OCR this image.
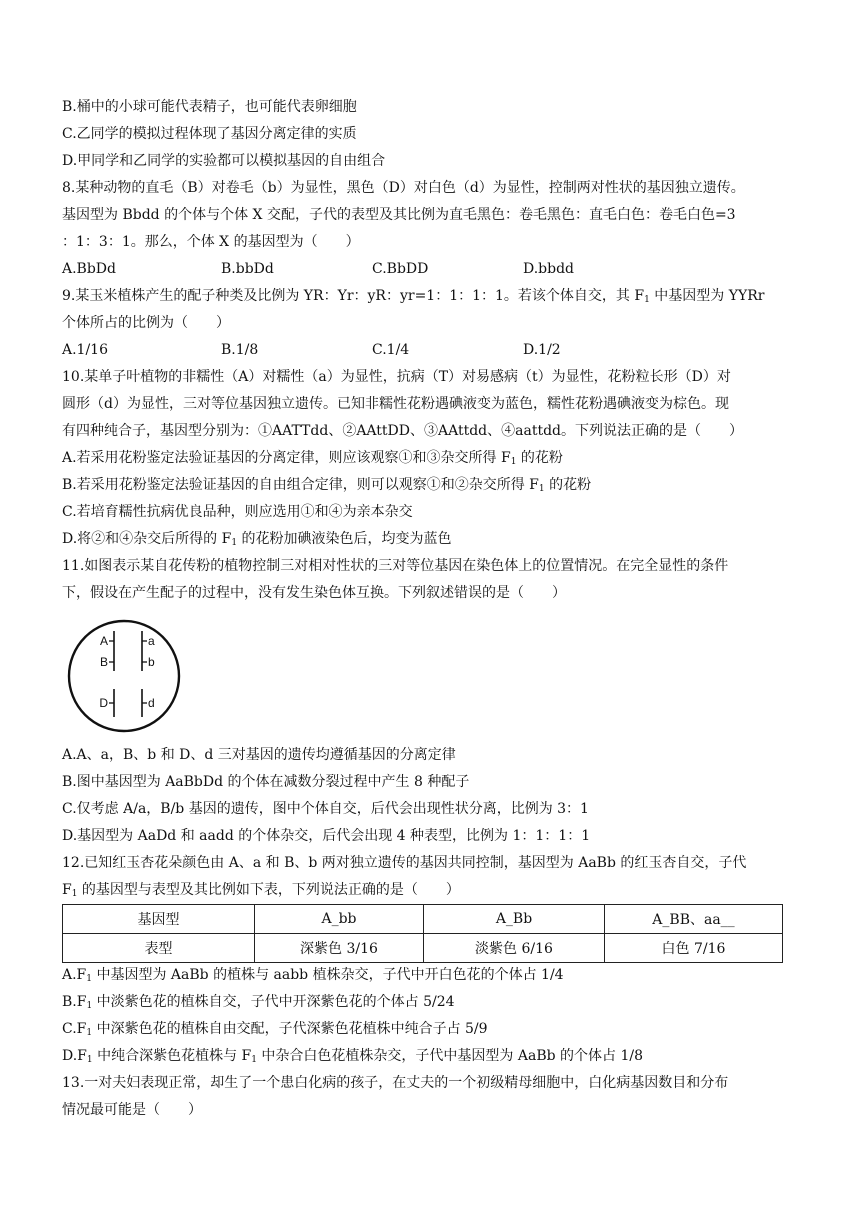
B.桶中的小球可能代表精子，也可能代表卵细胞
C.乙同学的模拟过程体现了基因分离定律的实质
D.甲同学和乙同学的实验都可以模拟基因的自由组合
8.某种动物的直毛（B）对卷毛（b）为显性，黑色（D）对白色（d）为显性，控制两对性状的基因独立遗传。
基因型为 Bbdd 的个体与个体 X 交配，子代的表型及其比例为直毛黑色：卷毛黑色：直毛白色：卷毛白色=3
：1：3：1。那么，个体 X 的基因型为（　　）
A.BbDd	B.bbDd	C.BbDD	D.bbdd
9.某玉米植株产生的配子种类及比例为 YR：Yr：yR：yr=1：1：1：1。若该个体自交，其 $F_1$ 中基因型为 YYRr
个体所占的比例为（　　）
A.1/16	B.1/8	C.1/4	D.1/2
10.某单子叶植物的非糯性（A）对糯性（a）为显性，抗病（T）对易感病（t）为显性，花粉粒长形（D）对
圆形（d）为显性，三对等位基因独立遗传。已知非糯性花粉遇碘液变为蓝色，糯性花粉遇碘液变为棕色。现
有四种纯合子，基因型分别为：①AATTdd、②AAttDD、③AAttdd、④aattdd。下列说法正确的是（　　）
A.若采用花粉鉴定法验证基因的分离定律，则应该观察①和③杂交所得 $F_1$ 的花粉
B.若采用花粉鉴定法验证基因的自由组合定律，则可以观察①和②杂交所得 $F_1$ 的花粉
C.若培育糯性抗病优良品种，则应选用①和④为亲本杂交
D.将②和④杂交后所得的 $F_1$ 的花粉加碘液染色后，均变为蓝色
11.如图表示某自花传粉的植物控制三对相对性状的三对等位基因在染色体上的位置情况。在完全显性的条件
下，假设在产生配子的过程中，没有发生染色体互换。下列叙述错误的是（　　）
A	a
B	b
D	d
A.A、a，B、b 和 D、d 三对基因的遗传均遵循基因的分离定律
B.图中基因型为 AaBbDd 的个体在减数分裂过程中产生 8 种配子
C.仅考虑 A/a，B/b 基因的遗传，图中个体自交，后代会出现性状分离，比例为 3：1
D.基因型为 AaDd 和 aadd 的个体杂交，后代会出现 4 种表型，比例为 1：1：1：1
12.已知红玉杏花朵颜色由 A、a 和 B、b 两对独立遗传的基因共同控制，基因型为 AaBb 的红玉杏自交，子代
$F_1$ 的基因型与表型及其比例如下表，下列说法正确的是（　　）
基因型	A_bb	A_Bb	A_BB、aa__
表型	深紫色 3/16	淡紫色 6/16	白色 7/16
$A.F_1$ 中基因型为 AaBb 的植株与 aabb 植株杂交，子代中开白色花的个体占 1/4
$B.F_1$ 中淡紫色花的植株自交，子代中开深紫色花的个体占 5/24
$C.F_1$ 中深紫色花的植株自由交配，子代深紫色花植株中纯合子占 5/9
$D.F_1$ 中纯合深紫色花植株与 $F_1$ 中杂合白色花植株杂交，子代中基因型为 AaBb 的个体占 1/8
13.一对夫妇表现正常，却生了一个患白化病的孩子，在丈夫的一个初级精母细胞中，白化病基因数目和分布
情况最可能是（　　）
